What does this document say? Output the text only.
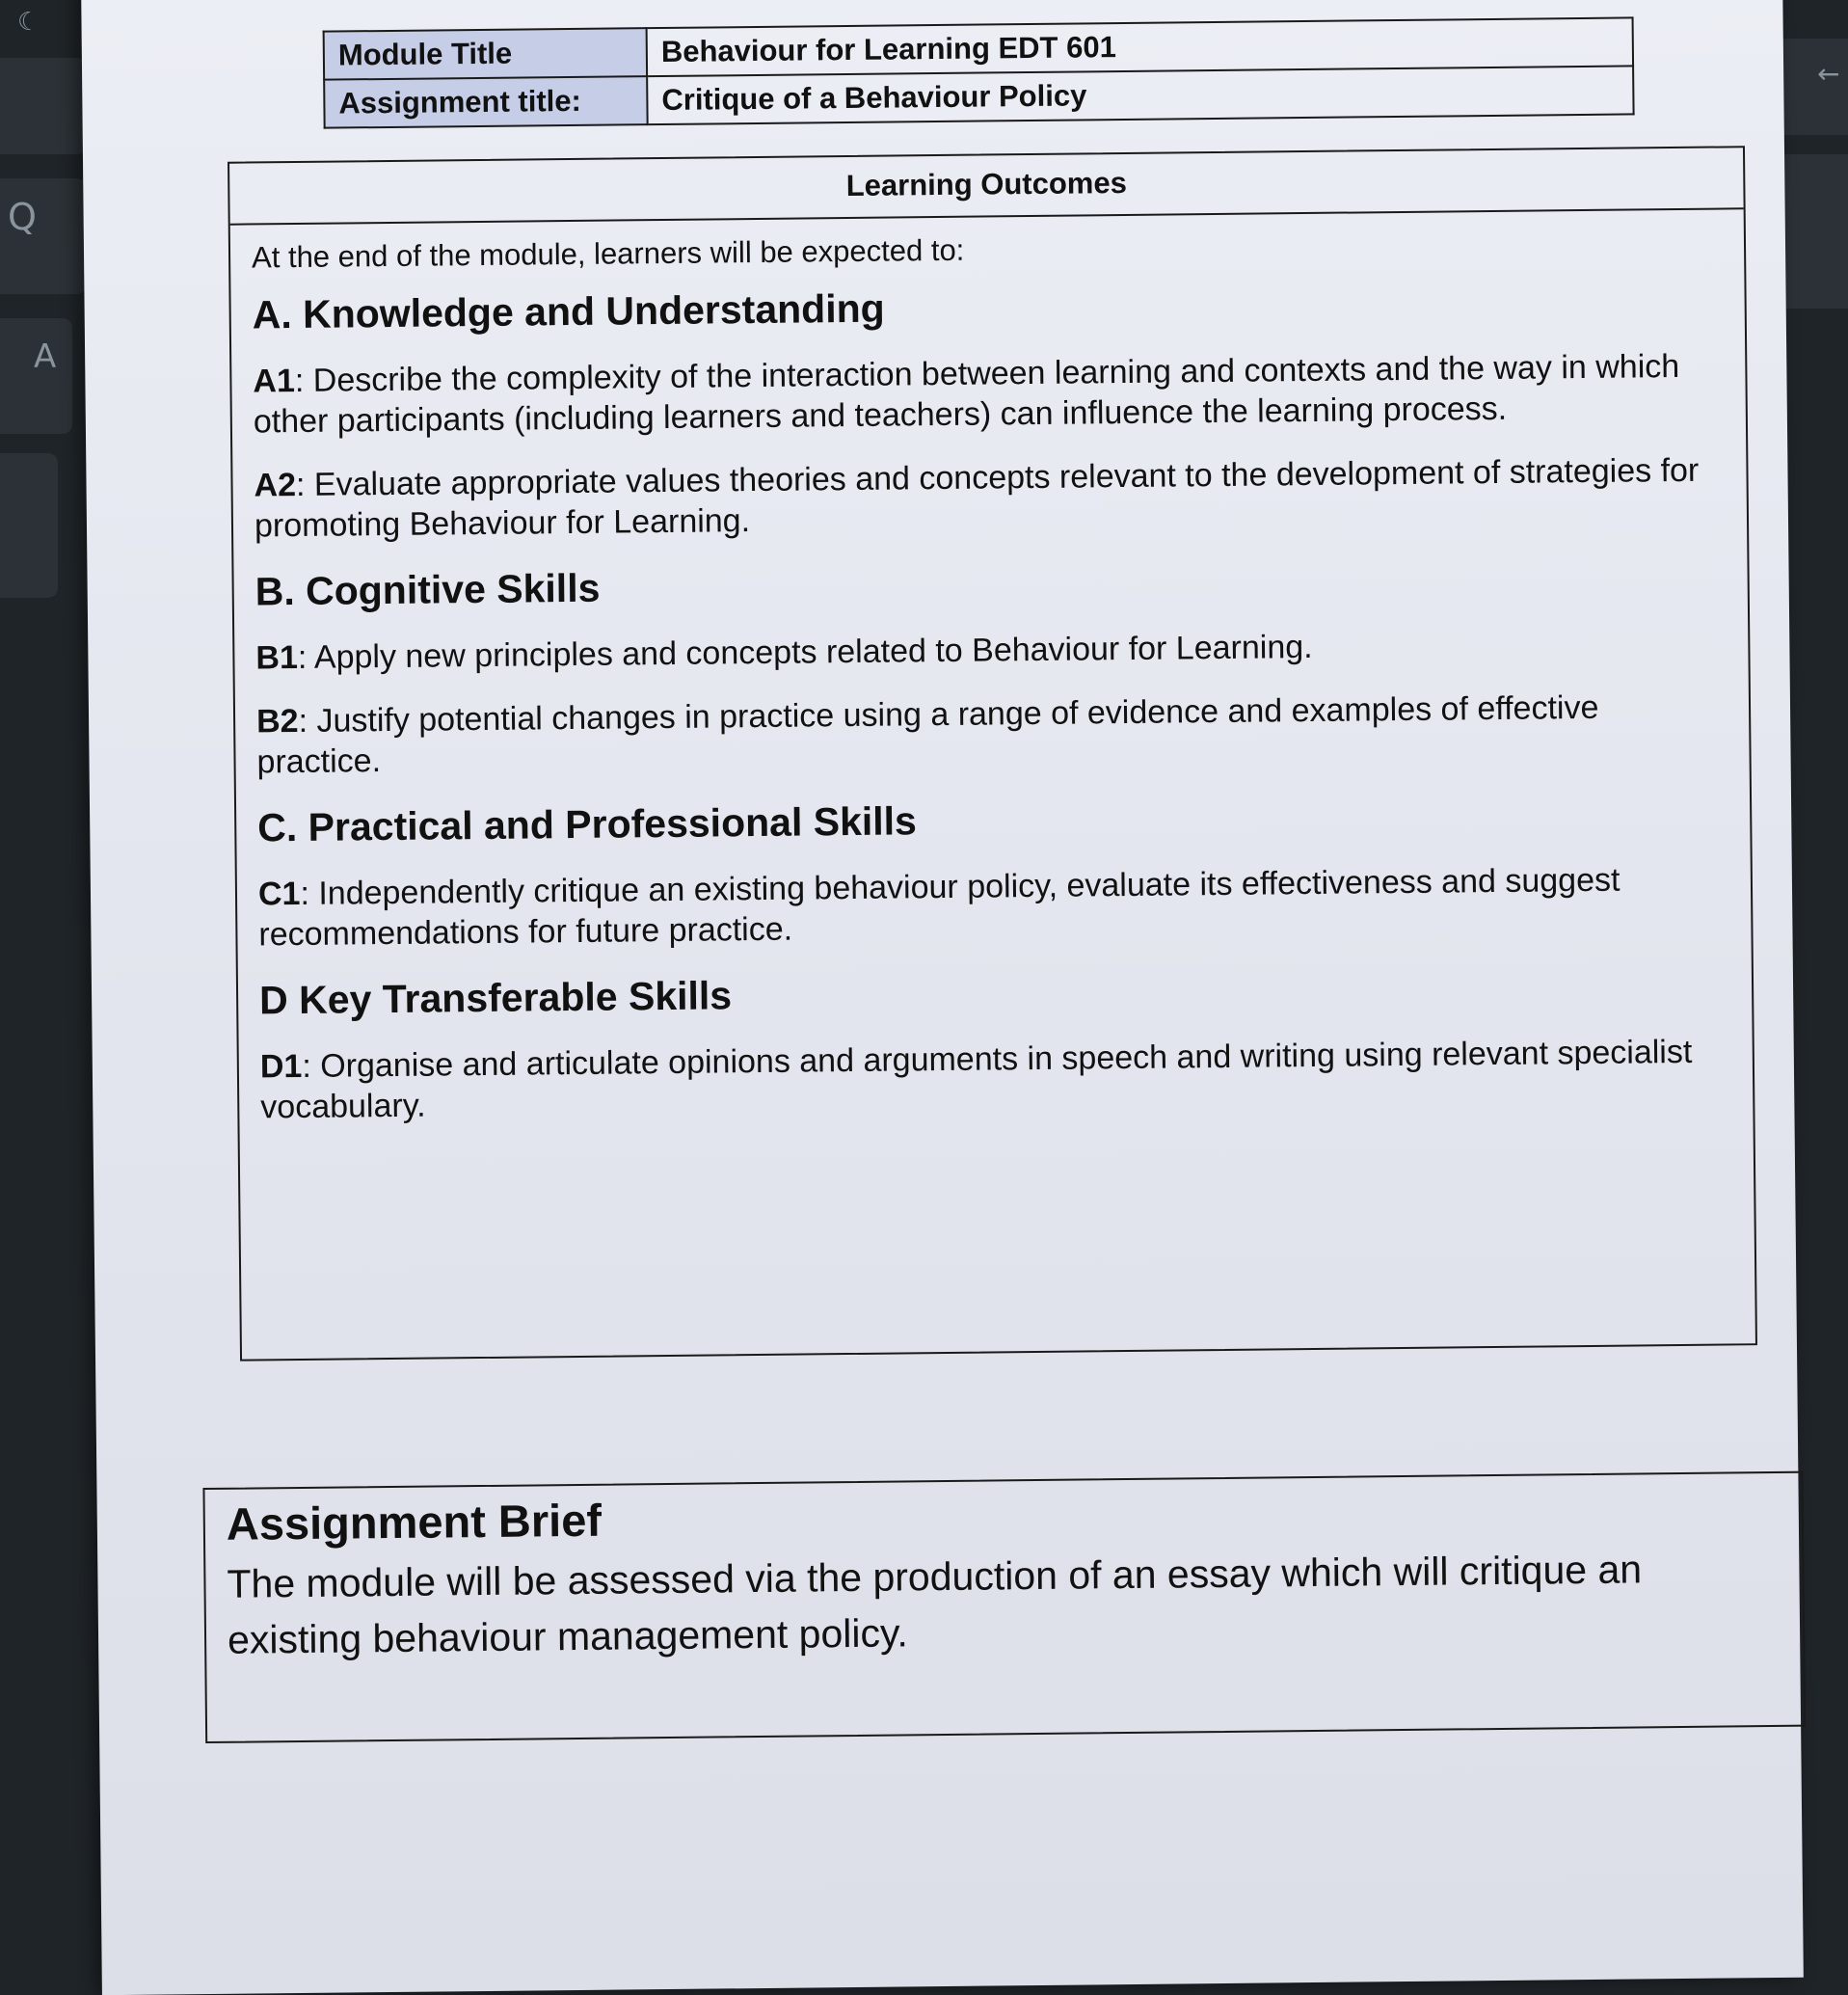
Q
A
☾
←
Module Title	Behaviour for Learning EDT 601
Assignment title:	Critique of a Behaviour Policy
Learning Outcomes
At the end of the module, learners will be expected to:
A. Knowledge and Understanding
A1: Describe the complexity of the interaction between learning and contexts and the way in which other participants (including learners and teachers) can influence the learning process.
A2: Evaluate appropriate values theories and concepts relevant to the development of strategies for promoting Behaviour for Learning.
B. Cognitive Skills
B1: Apply new principles and concepts related to Behaviour for Learning.
B2: Justify potential changes in practice using a range of evidence and examples of effective practice.
C. Practical and Professional Skills
C1: Independently critique an existing behaviour policy, evaluate its effectiveness and suggest recommendations for future practice.
D Key Transferable Skills
D1: Organise and articulate opinions and arguments in speech and writing using relevant specialist vocabulary.
Assignment Brief
The module will be assessed via the production of an essay which will critique an existing behaviour management policy.
